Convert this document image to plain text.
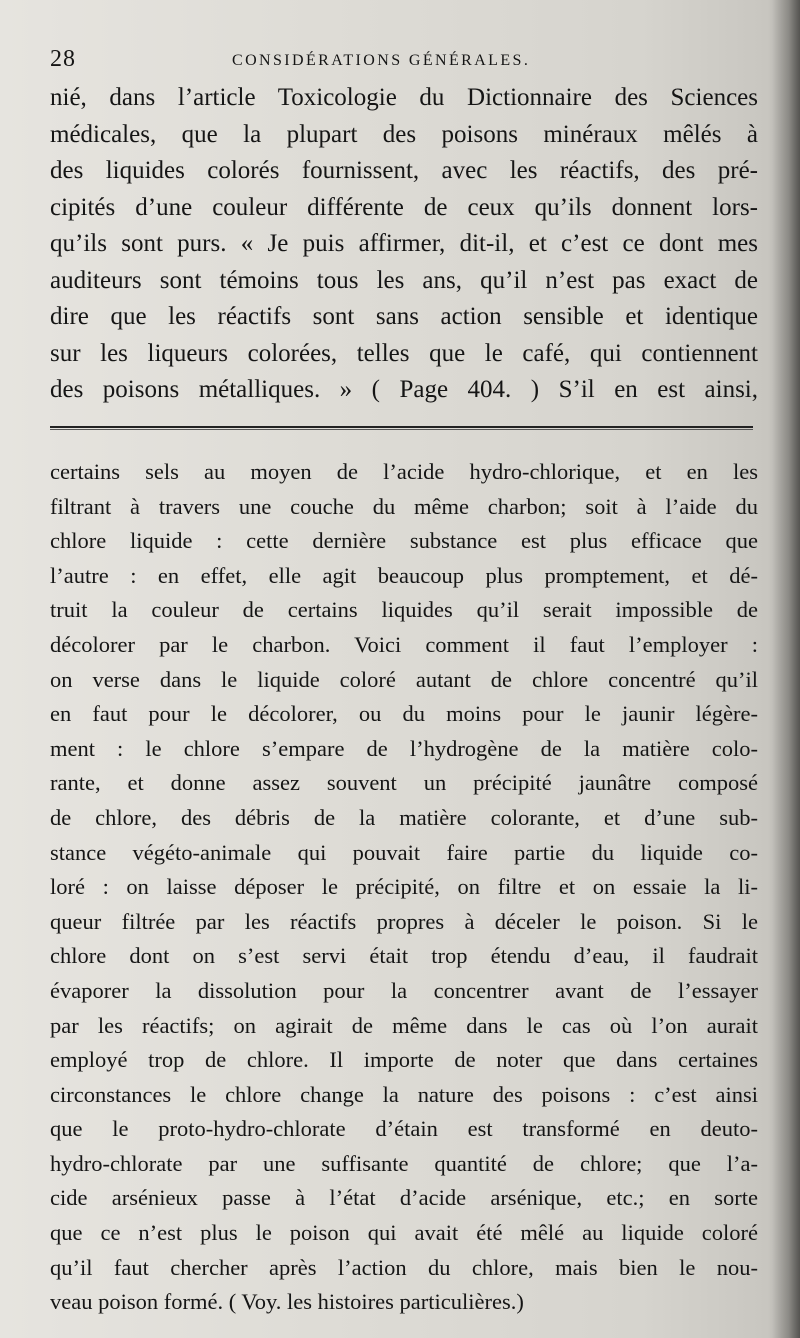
28	CONSIDÉRATIONS GÉNÉRALES.

nié, dans l’article Toxicologie du Dictionnaire des Sciences
médicales, que la plupart des poisons minéraux mêlés à
des liquides colorés fournissent, avec les réactifs, des pré-
cipités d’une couleur différente de ceux qu’ils donnent lors-
qu’ils sont purs. « Je puis affirmer, dit-il, et c’est ce dont mes
auditeurs sont témoins tous les ans, qu’il n’est pas exact de
dire que les réactifs sont sans action sensible et identique
sur les liqueurs colorées, telles que le café, qui contiennent
des poisons métalliques. » ( Page 404. ) S’il en est ainsi,

certains sels au moyen de l’acide hydro-chlorique, et en les
filtrant à travers une couche du même charbon; soit à l’aide du
chlore liquide : cette dernière substance est plus efficace que
l’autre : en effet, elle agit beaucoup plus promptement, et dé-
truit la couleur de certains liquides qu’il serait impossible de
décolorer par le charbon. Voici comment il faut l’employer :
on verse dans le liquide coloré autant de chlore concentré qu’il
en faut pour le décolorer, ou du moins pour le jaunir légère-
ment : le chlore s’empare de l’hydrogène de la matière colo-
rante, et donne assez souvent un précipité jaunâtre composé
de chlore, des débris de la matière colorante, et d’une sub-
stance végéto-animale qui pouvait faire partie du liquide co-
loré : on laisse déposer le précipité, on filtre et on essaie la li-
queur filtrée par les réactifs propres à déceler le poison. Si le
chlore dont on s’est servi était trop étendu d’eau, il faudrait
évaporer la dissolution pour la concentrer avant de l’essayer
par les réactifs; on agirait de même dans le cas où l’on aurait
employé trop de chlore. Il importe de noter que dans certaines
circonstances le chlore change la nature des poisons : c’est ainsi
que le proto-hydro-chlorate d’étain est transformé en deuto-
hydro-chlorate par une suffisante quantité de chlore; que l’a-
cide arsénieux passe à l’état d’acide arsénique, etc.; en sorte
que ce n’est plus le poison qui avait été mêlé au liquide coloré
qu’il faut chercher après l’action du chlore, mais bien le nou-
veau poison formé. ( Voy. les histoires particulières.)
